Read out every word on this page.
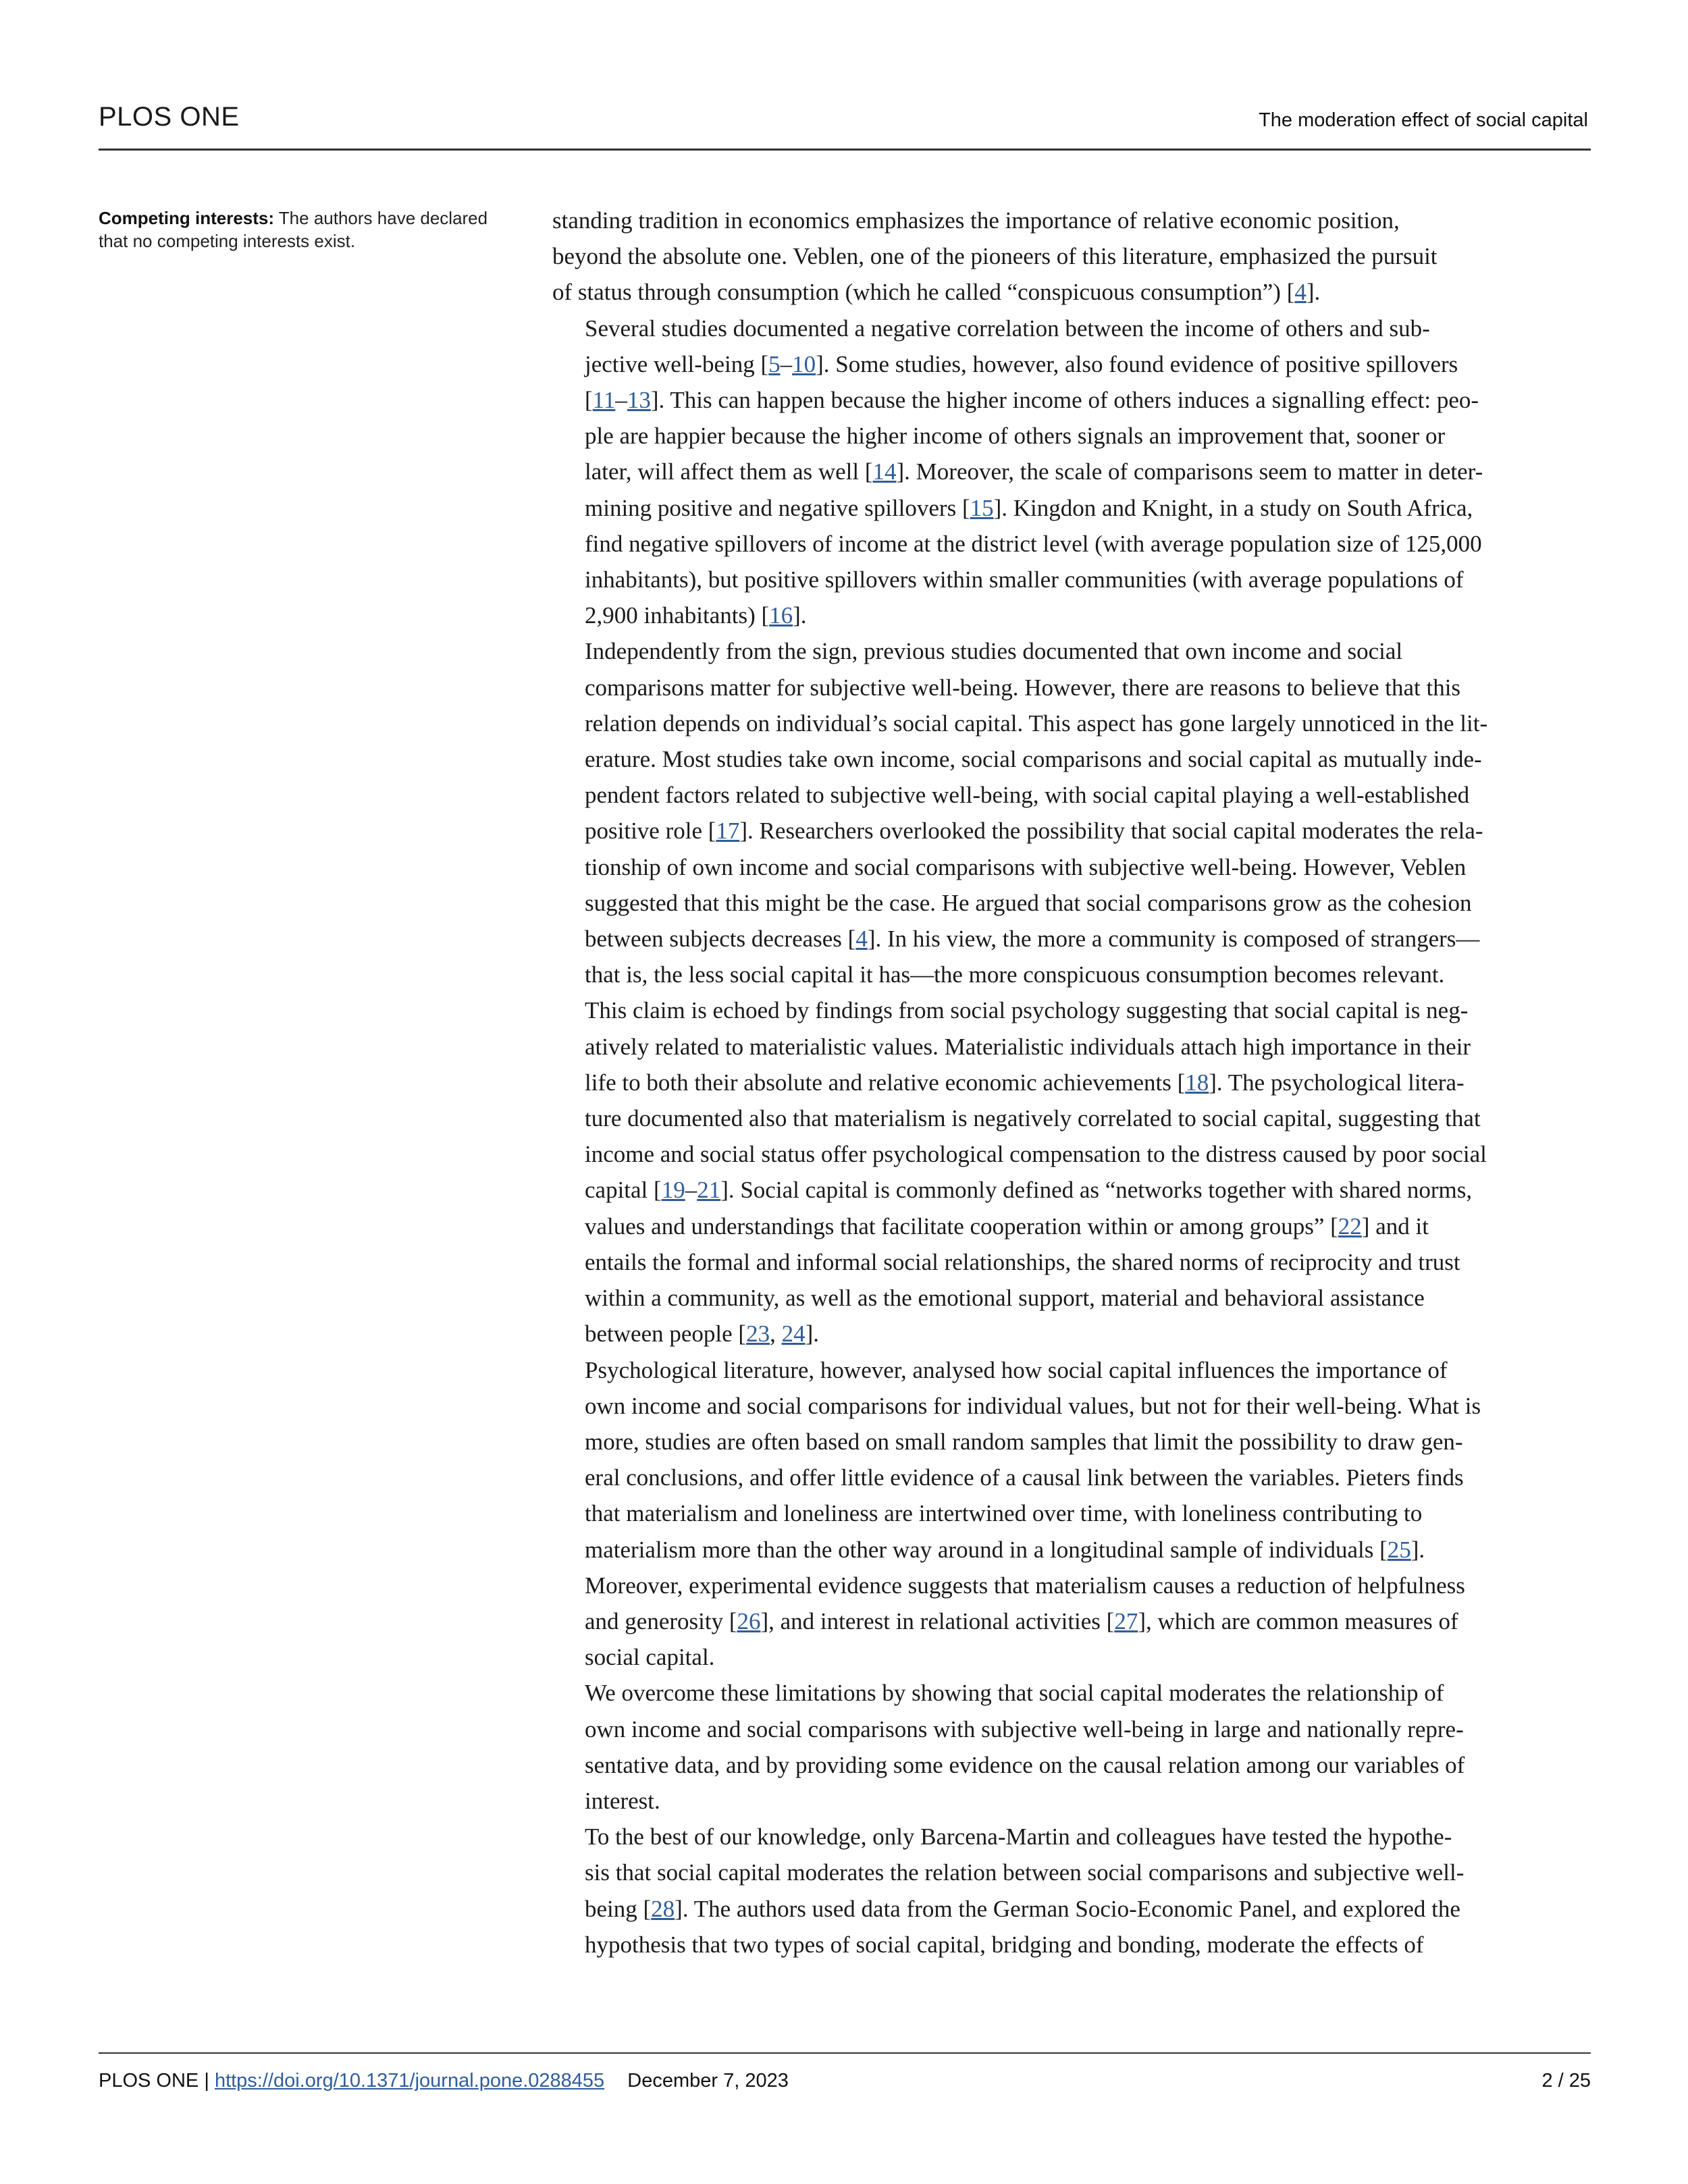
PLOS ONE	The moderation effect of social capital
Competing interests: The authors have declared that no competing interests exist.

standing tradition in economics emphasizes the importance of relative economic position,
beyond the absolute one. Veblen, one of the pioneers of this literature, emphasized the pursuit
of status through consumption (which he called “conspicuous consumption”) [4].

Several studies documented a negative correlation between the income of others and sub-
jective well-being [5–10]. Some studies, however, also found evidence of positive spillovers
[11–13]. This can happen because the higher income of others induces a signalling effect: peo-
ple are happier because the higher income of others signals an improvement that, sooner or
later, will affect them as well [14]. Moreover, the scale of comparisons seem to matter in deter-
mining positive and negative spillovers [15]. Kingdon and Knight, in a study on South Africa,
find negative spillovers of income at the district level (with average population size of 125,000
inhabitants), but positive spillovers within smaller communities (with average populations of
2,900 inhabitants) [16].

Independently from the sign, previous studies documented that own income and social
comparisons matter for subjective well-being. However, there are reasons to believe that this
relation depends on individual’s social capital. This aspect has gone largely unnoticed in the lit-
erature. Most studies take own income, social comparisons and social capital as mutually inde-
pendent factors related to subjective well-being, with social capital playing a well-established
positive role [17]. Researchers overlooked the possibility that social capital moderates the rela-
tionship of own income and social comparisons with subjective well-being. However, Veblen
suggested that this might be the case. He argued that social comparisons grow as the cohesion
between subjects decreases [4]. In his view, the more a community is composed of strangers—
that is, the less social capital it has—the more conspicuous consumption becomes relevant.

This claim is echoed by findings from social psychology suggesting that social capital is neg-
atively related to materialistic values. Materialistic individuals attach high importance in their
life to both their absolute and relative economic achievements [18]. The psychological litera-
ture documented also that materialism is negatively correlated to social capital, suggesting that
income and social status offer psychological compensation to the distress caused by poor social
capital [19–21]. Social capital is commonly defined as “networks together with shared norms,
values and understandings that facilitate cooperation within or among groups” [22] and it
entails the formal and informal social relationships, the shared norms of reciprocity and trust
within a community, as well as the emotional support, material and behavioral assistance
between people [23, 24].

Psychological literature, however, analysed how social capital influences the importance of
own income and social comparisons for individual values, but not for their well-being. What is
more, studies are often based on small random samples that limit the possibility to draw gen-
eral conclusions, and offer little evidence of a causal link between the variables. Pieters finds
that materialism and loneliness are intertwined over time, with loneliness contributing to
materialism more than the other way around in a longitudinal sample of individuals [25].
Moreover, experimental evidence suggests that materialism causes a reduction of helpfulness
and generosity [26], and interest in relational activities [27], which are common measures of
social capital.

We overcome these limitations by showing that social capital moderates the relationship of
own income and social comparisons with subjective well-being in large and nationally repre-
sentative data, and by providing some evidence on the causal relation among our variables of
interest.

To the best of our knowledge, only Barcena-Martin and colleagues have tested the hypothe-
sis that social capital moderates the relation between social comparisons and subjective well-
being [28]. The authors used data from the German Socio-Economic Panel, and explored the
hypothesis that two types of social capital, bridging and bonding, moderate the effects of

PLOS ONE | https://doi.org/10.1371/journal.pone.0288455 December 7, 2023	2 / 25
